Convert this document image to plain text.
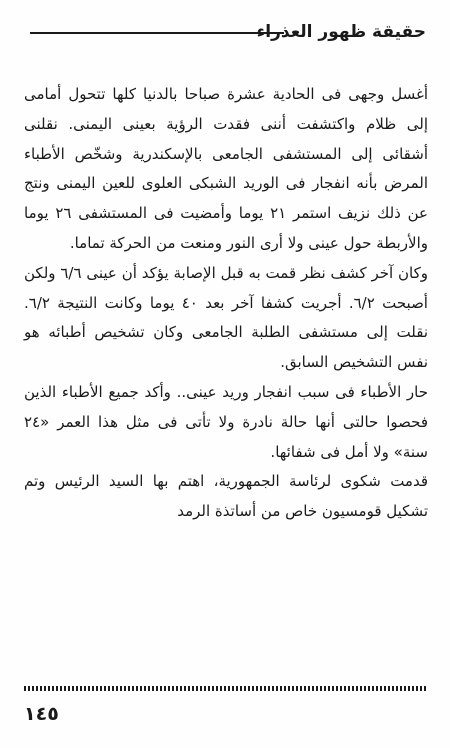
حقيقة ظهور العذراء

أغسل وجهى فى الحادية عشرة صباحا بالدنيا كلها تتحول أمامى إلى ظلام واكتشفت أننى فقدت الرؤية بعينى اليمنى. نقلنى أشقائى إلى المستشفى الجامعى بالإسكندرية وشخّص الأطباء المرض بأنه انفجار فى الوريد الشبكى العلوى للعين اليمنى ونتج عن ذلك نزيف استمر ٢١ يوما وأمضيت فى المستشفى ٢٦ يوما والأربطة حول عينى ولا أرى النور ومنعت من الحركة تماما.

وكان آخر كشف نظر قمت به قبل الإصابة يؤكد أن عينى ٦/٦ ولكن أصبحت ٦/٢. أجريت كشفا آخر بعد ٤٠ يوما وكانت النتيجة ٦/٢. نقلت إلى مستشفى الطلبة الجامعى وكان تشخيص أطبائه هو نفس التشخيص السابق.

حار الأطباء فى سبب انفجار وريد عينى.. وأكد جميع الأطباء الذين فحصوا حالتى أنها حالة نادرة ولا تأتى فى مثل هذا العمر «٢٤ سنة» ولا أمل فى شفائها.

قدمت شكوى لرئاسة الجمهورية، اهتم بها السيد الرئيس وتم تشكيل قومسيون خاص من أساتذة الرمد

١٤٥
